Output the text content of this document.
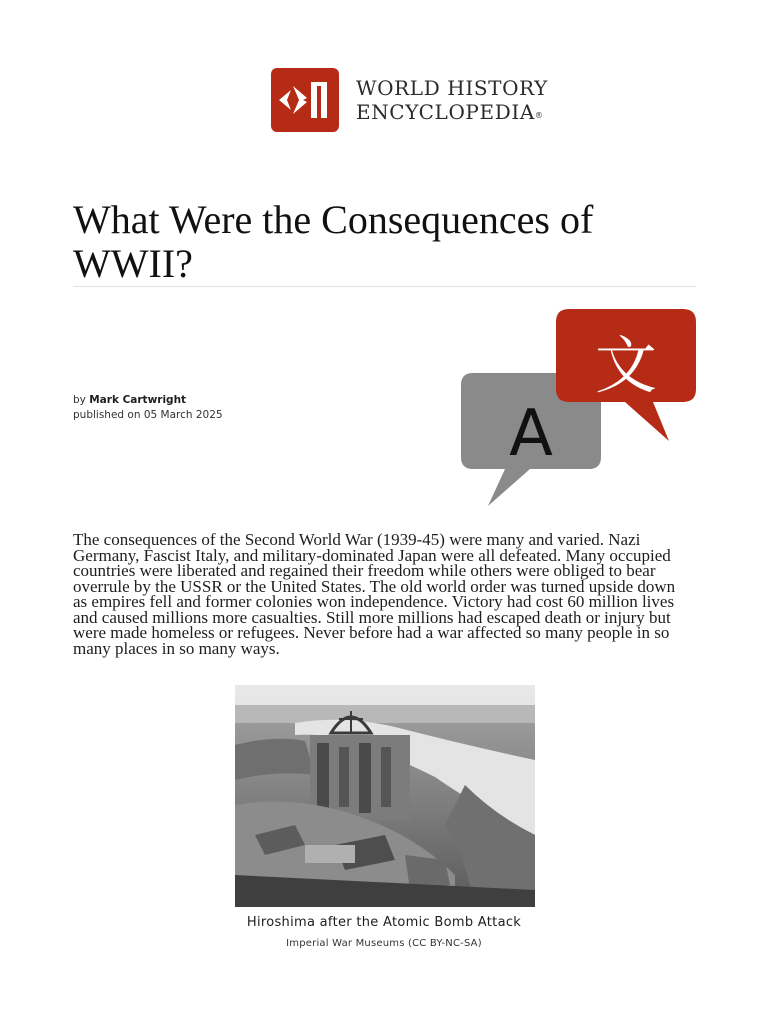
WORLD HISTORY
ENCYCLOPEDIA®
What Were the Consequences of WWII?
by Mark Cartwright
published on 05 March 2025	A
文

The consequences of the Second World War (1939-45) were many and varied. Nazi Germany, Fascist Italy, and military-dominated Japan were all defeated. Many occupied countries were liberated and regained their freedom while others were obliged to bear overrule by the USSR or the United States. The old world order was turned upside down as empires fell and former colonies won independence. Victory had cost 60 million lives and caused millions more casualties. Still more millions had escaped death or injury but were made homeless or refugees. Never before had a war affected so many people in so many places in so many ways.

Hiroshima after the Atomic Bomb Attack
Imperial War Museums (CC BY-NC-SA)
